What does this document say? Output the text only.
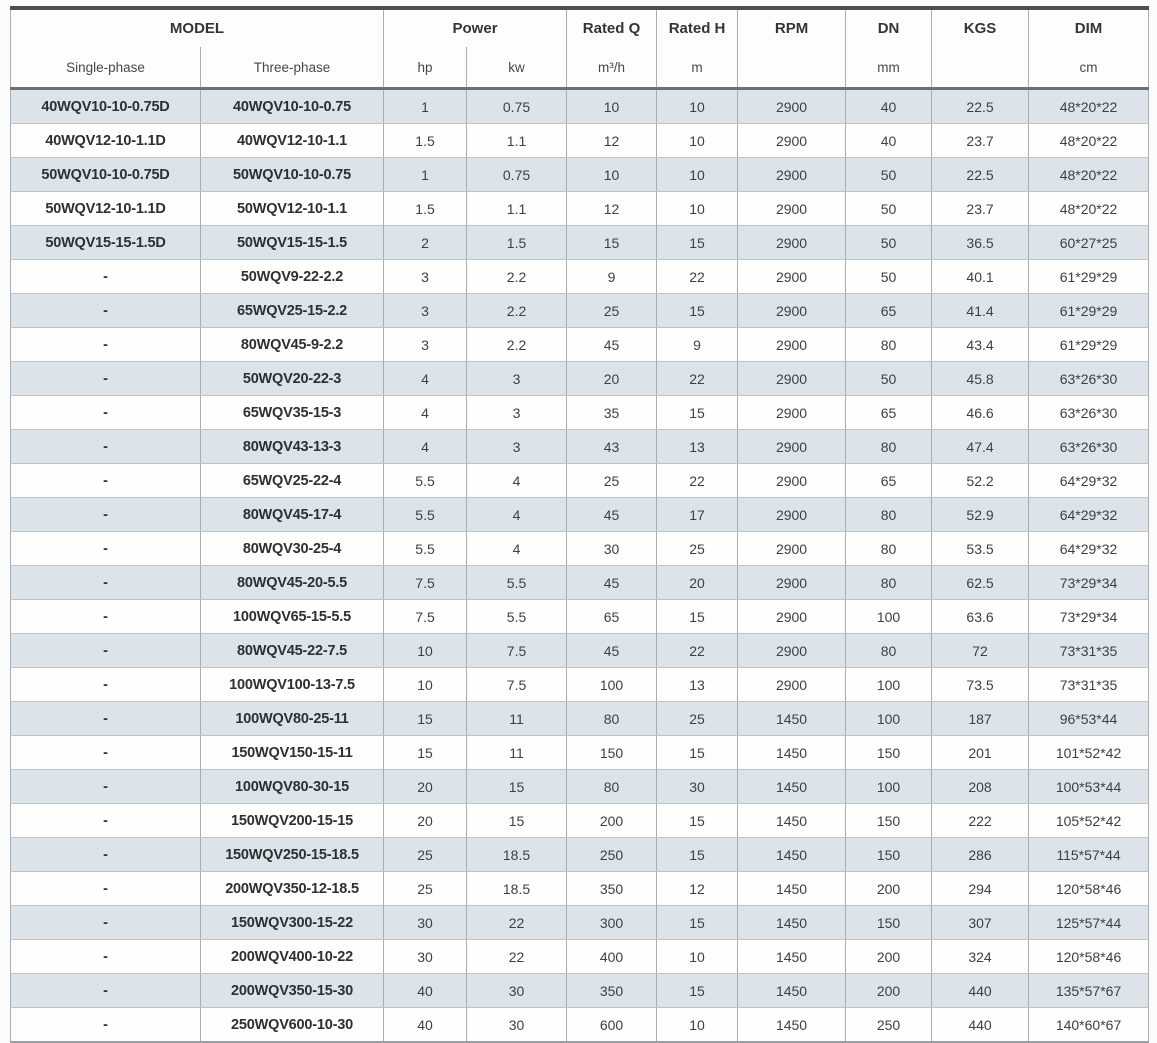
MODEL		Power		Rated Q	Rated H	RPM	DN	KGS	DIM
Single-phase	Three-phase	hp	kw	m³/h	m		mm		cm
40WQV10-10-0.75D	40WQV10-10-0.75	1	0.75	10	10	2900	40	22.5	48*20*22
40WQV12-10-1.1D	40WQV12-10-1.1	1.5	1.1	12	10	2900	40	23.7	48*20*22
50WQV10-10-0.75D	50WQV10-10-0.75	1	0.75	10	10	2900	50	22.5	48*20*22
50WQV12-10-1.1D	50WQV12-10-1.1	1.5	1.1	12	10	2900	50	23.7	48*20*22
50WQV15-15-1.5D	50WQV15-15-1.5	2	1.5	15	15	2900	50	36.5	60*27*25
-	50WQV9-22-2.2	3	2.2	9	22	2900	50	40.1	61*29*29
-	65WQV25-15-2.2	3	2.2	25	15	2900	65	41.4	61*29*29
-	80WQV45-9-2.2	3	2.2	45	9	2900	80	43.4	61*29*29
-	50WQV20-22-3	4	3	20	22	2900	50	45.8	63*26*30
-	65WQV35-15-3	4	3	35	15	2900	65	46.6	63*26*30
-	80WQV43-13-3	4	3	43	13	2900	80	47.4	63*26*30
-	65WQV25-22-4	5.5	4	25	22	2900	65	52.2	64*29*32
-	80WQV45-17-4	5.5	4	45	17	2900	80	52.9	64*29*32
-	80WQV30-25-4	5.5	4	30	25	2900	80	53.5	64*29*32
-	80WQV45-20-5.5	7.5	5.5	45	20	2900	80	62.5	73*29*34
-	100WQV65-15-5.5	7.5	5.5	65	15	2900	100	63.6	73*29*34
-	80WQV45-22-7.5	10	7.5	45	22	2900	80	72	73*31*35
-	100WQV100-13-7.5	10	7.5	100	13	2900	100	73.5	73*31*35
-	100WQV80-25-11	15	11	80	25	1450	100	187	96*53*44
-	150WQV150-15-11	15	11	150	15	1450	150	201	101*52*42
-	100WQV80-30-15	20	15	80	30	1450	100	208	100*53*44
-	150WQV200-15-15	20	15	200	15	1450	150	222	105*52*42
-	150WQV250-15-18.5	25	18.5	250	15	1450	150	286	115*57*44
-	200WQV350-12-18.5	25	18.5	350	12	1450	200	294	120*58*46
-	150WQV300-15-22	30	22	300	15	1450	150	307	125*57*44
-	200WQV400-10-22	30	22	400	10	1450	200	324	120*58*46
-	200WQV350-15-30	40	30	350	15	1450	200	440	135*57*67
-	250WQV600-10-30	40	30	600	10	1450	250	440	140*60*67
